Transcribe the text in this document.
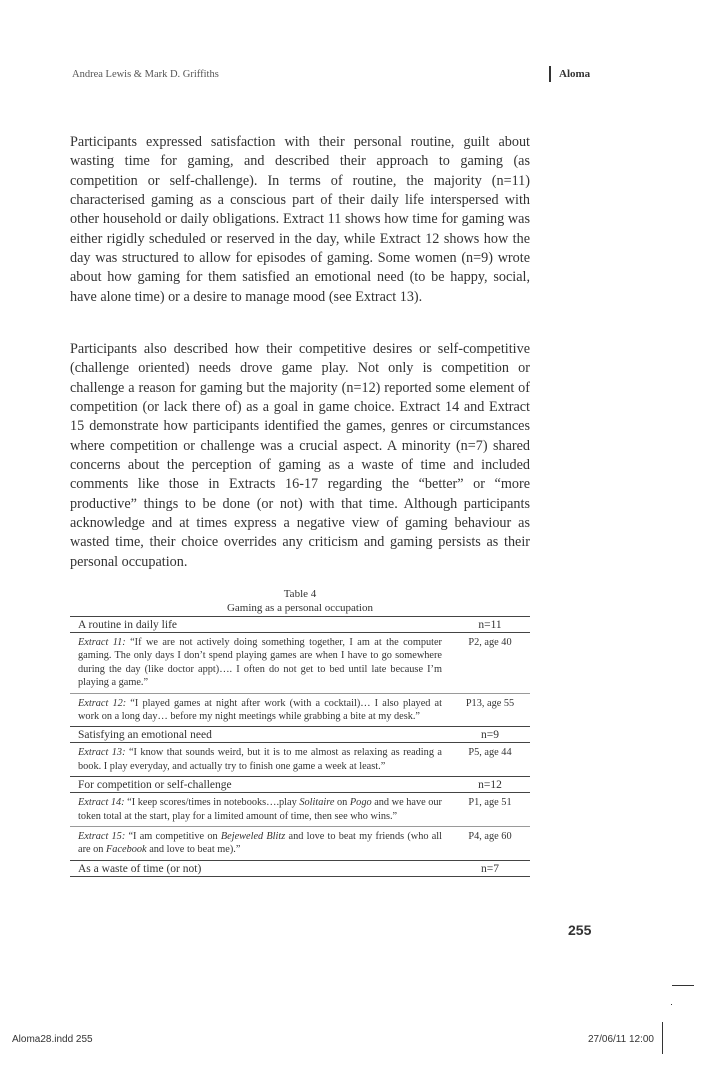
Andrea Lewis & Mark D. Griffiths	Aloma
Participants expressed satisfaction with their personal routine, guilt about wasting time for gaming, and described their approach to gaming (as competition or self-challenge). In terms of routine, the majority (n=11) characterised gaming as a conscious part of their daily life interspersed with other household or daily obligations. Extract 11 shows how time for gaming was either rigidly scheduled or reserved in the day, while Extract 12 shows how the day was structured to allow for episodes of gaming. Some women (n=9) wrote about how gaming for them satisfied an emotional need (to be happy, social, have alone time) or a desire to manage mood (see Extract 13).
Participants also described how their competitive desires or self-competitive (challenge oriented) needs drove game play. Not only is competition or challenge a reason for gaming but the majority (n=12) reported some element of competition (or lack there of) as a goal in game choice. Extract 14 and Extract 15 demonstrate how participants identified the games, genres or circumstances where competition or challenge was a crucial aspect. A minority (n=7) shared concerns about the perception of gaming as a waste of time and included comments like those in Extracts 16-17 regarding the “better” or “more productive” things to be done (or not) with that time. Although participants acknowledge and at times express a negative view of gaming behaviour as wasted time, their choice overrides any criticism and gaming persists as their personal occupation.
Table 4
Gaming as a personal occupation
A routine in daily life	n=11
Extract 11: “If we are not actively doing something together, I am at the computer gaming. The only days I don’t spend playing games are when I have to go somewhere during the day (like doctor appt)…. I often do not get to bed until late because I’m playing a game.”	P2, age 40
Extract 12: “I played games at night after work (with a cocktail)… I also played at work on a long day… before my night meetings while grabbing a bite at my desk.”	P13, age 55
Satisfying an emotional need	n=9
Extract 13: “I know that sounds weird, but it is to me almost as relaxing as reading a book. I play everyday, and actually try to finish one game a week at least.”	P5, age 44
For competition or self-challenge	n=12
Extract 14: “I keep scores/times in notebooks….play Solitaire on Pogo and we have our token total at the start, play for a limited amount of time, then see who wins.”	P1, age 51
Extract 15: “I am competitive on Bejeweled Blitz and love to beat my friends (who all are on Facebook and love to beat me).”	P4, age 60
As a waste of time (or not)	n=7
255
Aloma28.indd 255	27/06/11 12:00
